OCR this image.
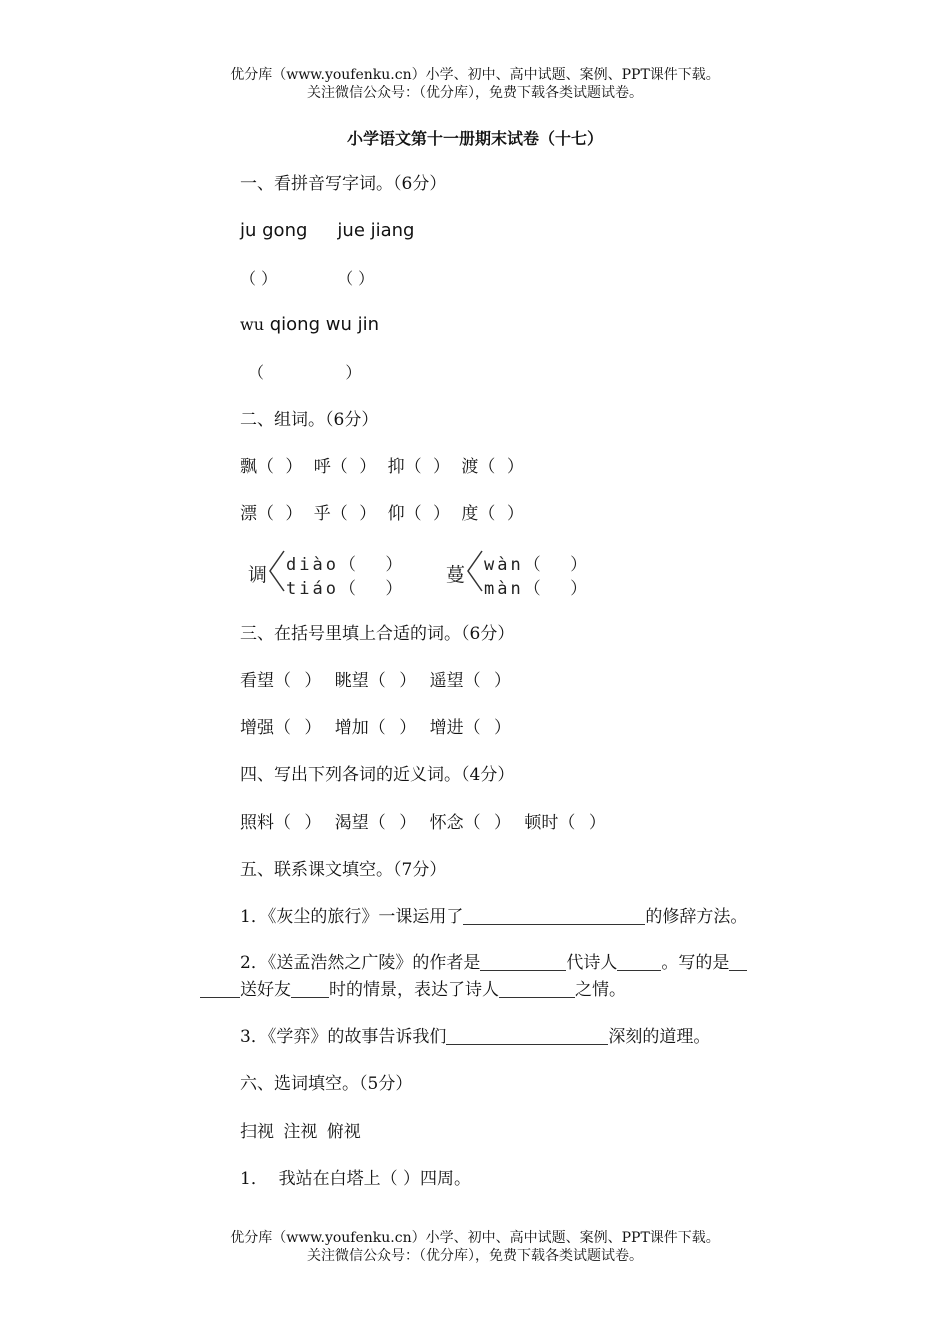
优分库（www.youfenku.cn）小学、初中、高中试题、案例、PPT课件下载。
关注微信公众号：（优分库），免费下载各类试题试卷。
小学语文第十一册期末试卷（十七）
一、看拼音写字词。（6分）
ju gong jue jiang
（ ）	（ ）
wu qiong wu jin
（                ）
二、组词。（6分）
飘（ ） 呼（ ） 抑（ ） 渡（ ）
漂（ ） 乎（ ） 仰（ ） 度（ ）
调 diào（  ）
tiáo（  ）
蔓 wàn（  ）
màn（  ）
三、在括号里填上合适的词。（6分）
看望（ ） 眺望（ ） 遥望（ ）
增强（ ） 增加（ ） 增进（ ）
四、写出下列各词的近义词。（4分）
照料（ ） 渴望（ ） 怀念（ ） 顿时（ ）
五、联系课文填空。（7分）
1．《灰尘的旅行》一课运用了	的修辞方法。
2．《送孟浩然之广陵》的作者是	代诗人	。写的是
送好友 时的情景，表达了诗人	之情。
3．《学弈》的故事告诉我们	深刻的道理。
六、选词填空。（5分）
扫视 注视 俯视
1．  我站在白塔上（ ）四周。
优分库（www.youfenku.cn）小学、初中、高中试题、案例、PPT课件下载。
关注微信公众号：（优分库），免费下载各类试题试卷。
